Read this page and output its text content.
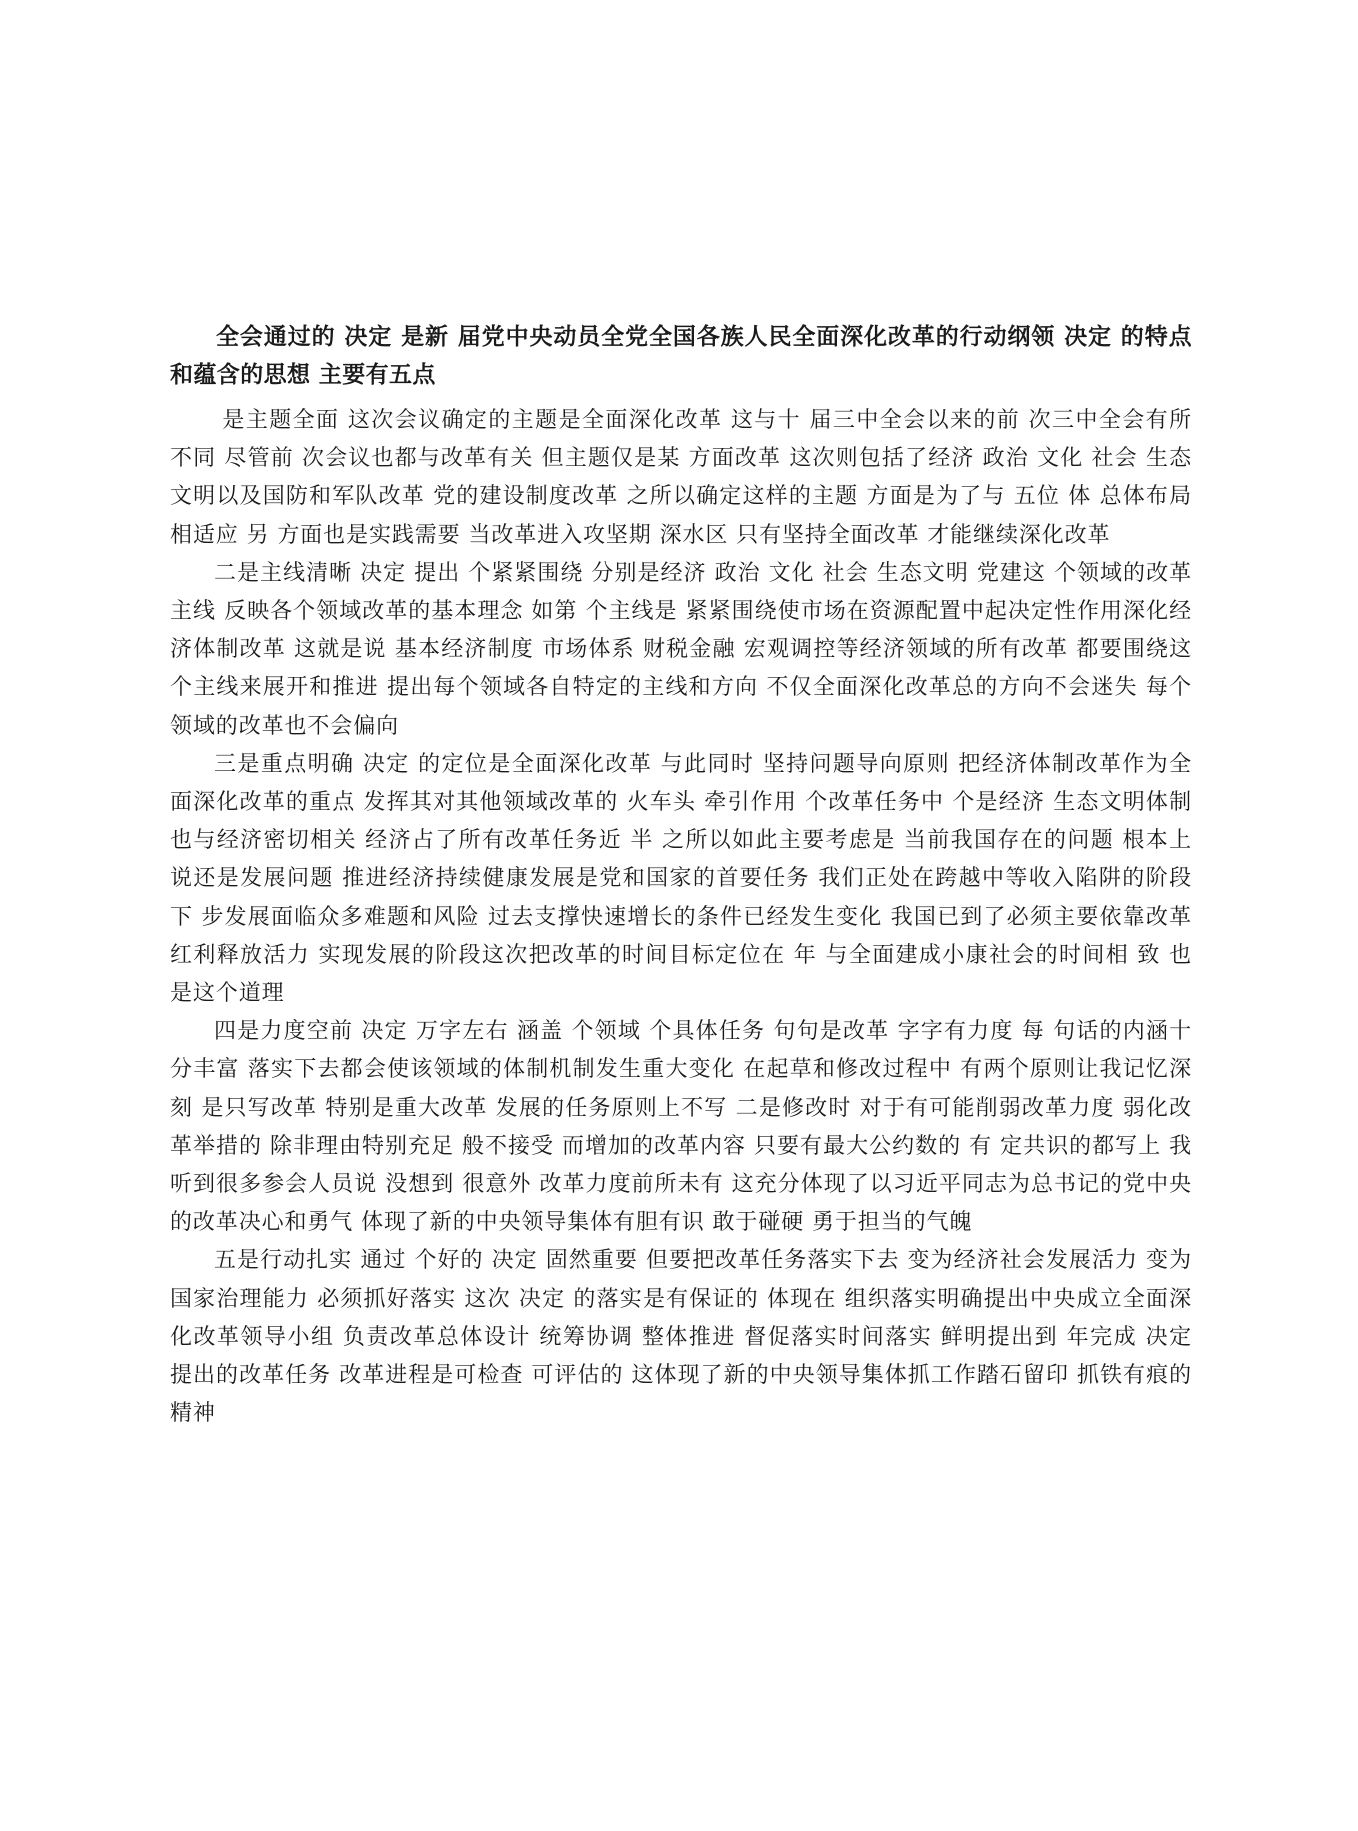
全会通过的 决定 是新 届党中央动员全党全国各族人民全面深化改革的行动纲领 决定 的特点和蕴含的思想 主要有五点

是主题全面 这次会议确定的主题是全面深化改革 这与十 届三中全会以来的前 次三中全会有所不同 尽管前 次会议也都与改革有关 但主题仅是某 方面改革 这次则包括了经济 政治 文化 社会 生态文明以及国防和军队改革 党的建设制度改革 之所以确定这样的主题 方面是为了与 五位 体 总体布局相适应 另 方面也是实践需要 当改革进入攻坚期 深水区 只有坚持全面改革 才能继续深化改革

二是主线清晰 决定 提出 个紧紧围绕 分别是经济 政治 文化 社会 生态文明 党建这 个领域的改革主线 反映各个领域改革的基本理念 如第 个主线是 紧紧围绕使市场在资源配置中起决定性作用深化经济体制改革 这就是说 基本经济制度 市场体系 财税金融 宏观调控等经济领域的所有改革 都要围绕这个主线来展开和推进 提出每个领域各自特定的主线和方向 不仅全面深化改革总的方向不会迷失 每个领域的改革也不会偏向

三是重点明确 决定 的定位是全面深化改革 与此同时 坚持问题导向原则 把经济体制改革作为全面深化改革的重点 发挥其对其他领域改革的 火车头 牵引作用 个改革任务中 个是经济 生态文明体制也与经济密切相关 经济占了所有改革任务近 半 之所以如此主要考虑是 当前我国存在的问题 根本上说还是发展问题 推进经济持续健康发展是党和国家的首要任务 我们正处在跨越中等收入陷阱的阶段 下 步发展面临众多难题和风险 过去支撑快速增长的条件已经发生变化 我国已到了必须主要依靠改革红利释放活力 实现发展的阶段这次把改革的时间目标定位在 年 与全面建成小康社会的时间相 致 也是这个道理

四是力度空前 决定 万字左右 涵盖 个领域 个具体任务 句句是改革 字字有力度 每 句话的内涵十分丰富 落实下去都会使该领域的体制机制发生重大变化 在起草和修改过程中 有两个原则让我记忆深刻 是只写改革 特别是重大改革 发展的任务原则上不写 二是修改时 对于有可能削弱改革力度 弱化改革举措的 除非理由特别充足 般不接受 而增加的改革内容 只要有最大公约数的 有 定共识的都写上 我听到很多参会人员说 没想到 很意外 改革力度前所未有 这充分体现了以习近平同志为总书记的党中央的改革决心和勇气 体现了新的中央领导集体有胆有识 敢于碰硬 勇于担当的气魄

五是行动扎实 通过 个好的 决定 固然重要 但要把改革任务落实下去 变为经济社会发展活力 变为国家治理能力 必须抓好落实 这次 决定 的落实是有保证的 体现在 组织落实明确提出中央成立全面深化改革领导小组 负责改革总体设计 统筹协调 整体推进 督促落实时间落实 鲜明提出到 年完成 决定 提出的改革任务 改革进程是可检查 可评估的 这体现了新的中央领导集体抓工作踏石留印 抓铁有痕的精神
